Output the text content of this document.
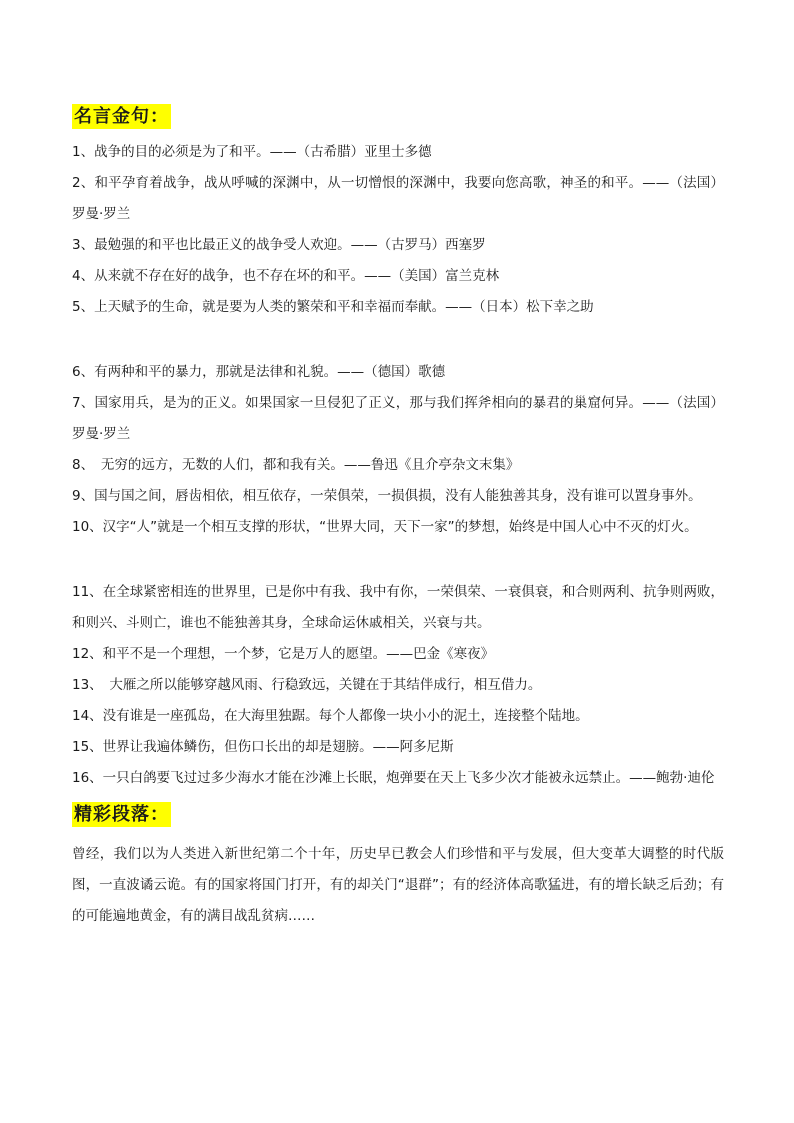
名言金句：

1、战争的目的必须是为了和平。——（古希腊）亚里士多德

2、和平孕育着战争，战从呼喊的深渊中，从一切憎恨的深渊中，我要向您高歌，神圣的和平。——（法国）罗曼·罗兰

3、最勉强的和平也比最正义的战争受人欢迎。——（古罗马）西塞罗

4、从来就不存在好的战争，也不存在坏的和平。——（美国）富兰克林

5、上天赋予的生命，就是要为人类的繁荣和平和幸福而奉献。——（日本）松下幸之助

6、有两种和平的暴力，那就是法律和礼貌。——（德国）歌德

7、国家用兵，是为的正义。如果国家一旦侵犯了正义，那与我们挥斧相向的暴君的巢窟何异。——（法国）罗曼·罗兰

8、　无穷的远方，无数的人们，都和我有关。——鲁迅《且介亭杂文末集》

9、国与国之间，唇齿相依，相互依存，一荣俱荣，一损俱损，没有人能独善其身，没有谁可以置身事外。

10、汉字“人”就是一个相互支撑的形状，“世界大同，天下一家”的梦想，始终是中国人心中不灭的灯火。

11、在全球紧密相连的世界里，已是你中有我、我中有你，一荣俱荣、一衰俱衰，和合则两利、抗争则两败，和则兴、斗则亡，谁也不能独善其身，全球命运休戚相关，兴衰与共。

12、和平不是一个理想，一个梦，它是万人的愿望。——巴金《寒夜》

13、　大雁之所以能够穿越风雨、行稳致远，关键在于其结伴成行，相互借力。

14、没有谁是一座孤岛，在大海里独踞。每个人都像一块小小的泥土，连接整个陆地。

15、世界让我遍体鳞伤，但伤口长出的却是翅膀。——阿多尼斯

16、一只白鸽要飞过过多少海水才能在沙滩上长眠，炮弹要在天上飞多少次才能被永远禁止。——鲍勃·迪伦

精彩段落：

曾经，我们以为人类进入新世纪第二个十年，历史早已教会人们珍惜和平与发展，但大变革大调整的时代版图，一直波谲云诡。有的国家将国门打开，有的却关门“退群”；有的经济体高歌猛进，有的增长缺乏后劲；有的可能遍地黄金，有的满目战乱贫病……
